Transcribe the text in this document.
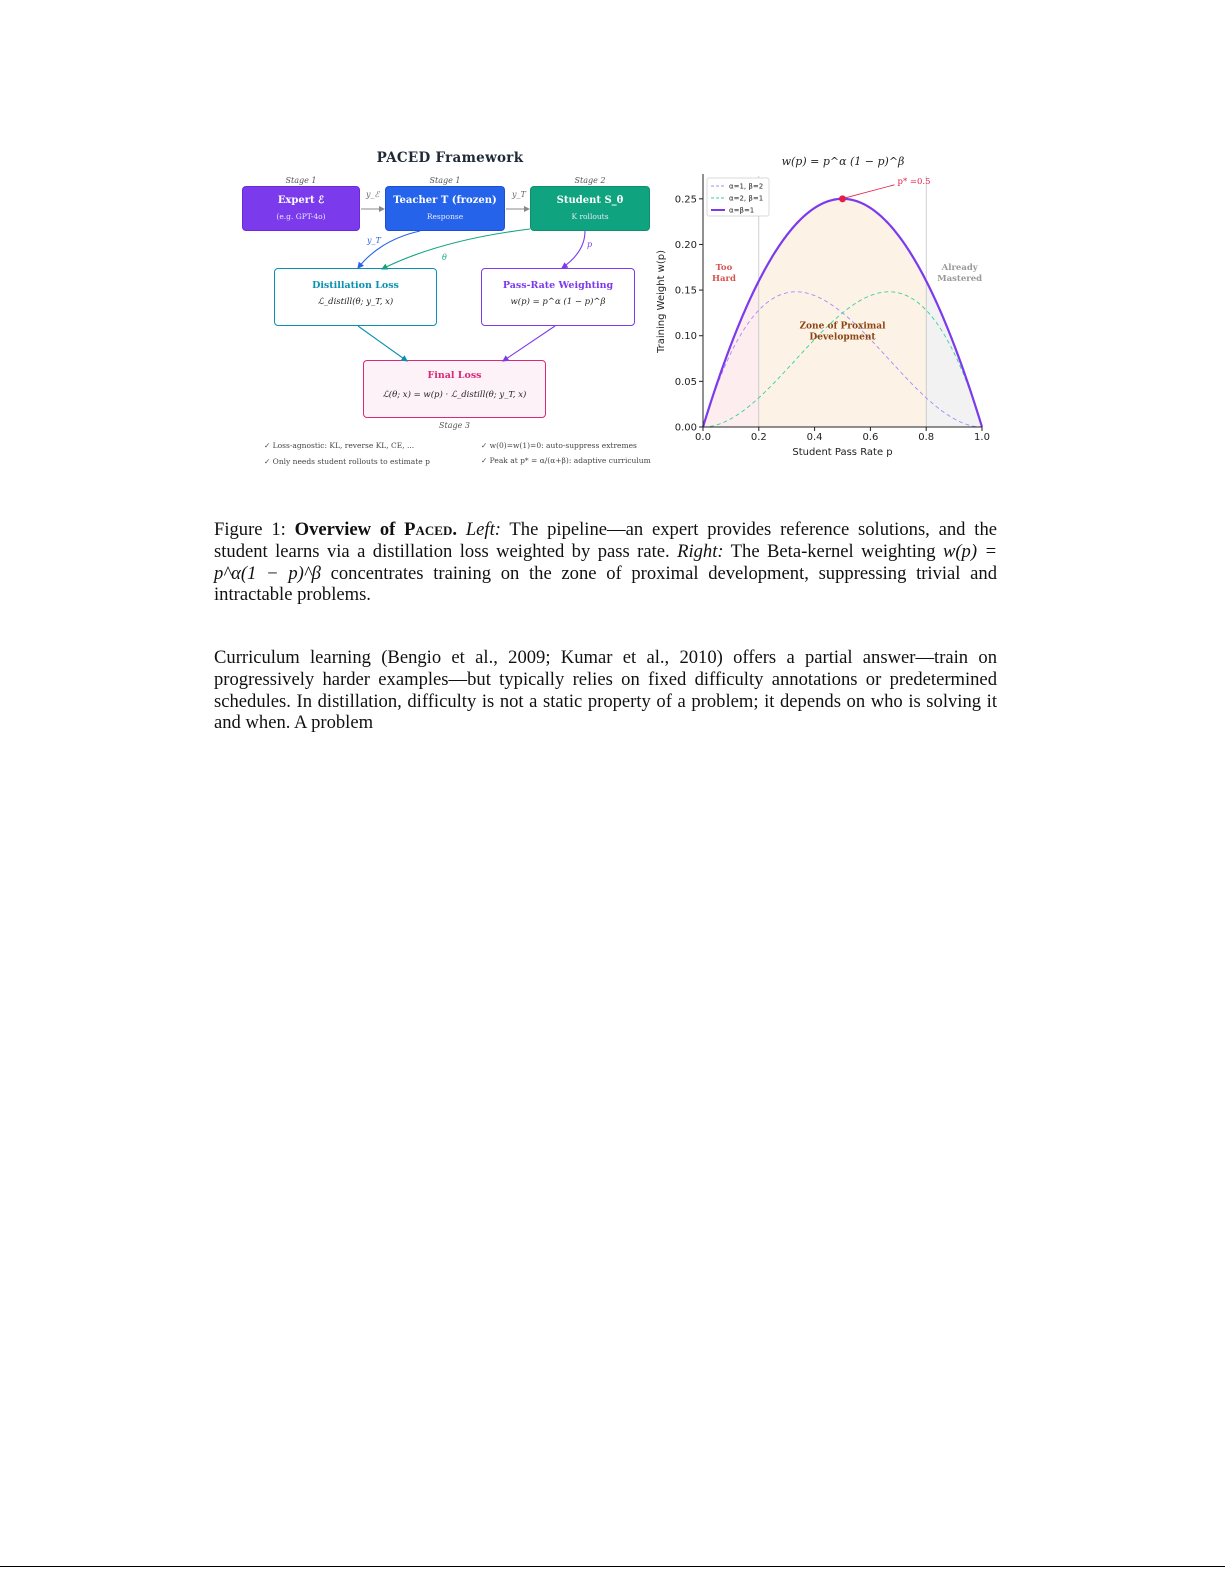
PACED Framework
Stage 1	Stage 1	Stage 2
Expert ℰ
(e.g. GPT-4o)
Teacher T (frozen)
Response
Student S_θ
K rollouts
Distillation Loss
ℒ_distill(θ; y_T, x)
Pass-Rate Weighting
w(p) = p^α (1 − p)^β
Final Loss
ℒ(θ; x) = w(p) · ℒ_distill(θ; y_T, x)
Stage 3
y_ℰ	y_T
y_T
θ
p
✓ Loss-agnostic: KL, reverse KL, CE, ...
✓ Only needs student rollouts to estimate p
✓ w(0)=w(1)=0: auto-suppress extremes
✓ Peak at p* = α/(α+β): adaptive curriculum
w(p) = p^α (1 − p)^β
0.0	0.2	0.4	0.6	0.8	1.0
0.00
0.05
0.10
0.15
0.20
0.25
Student Pass Rate p
Training Weight w(p)
p* =0.5
Too
Hard
Zone of Proximal
Development
Already
Mastered
α=1, β=2
α=2, β=1
α=β=1
Figure 1: Overview of Paced. Left: The pipeline—an expert provides reference solutions, and the student learns via a distillation loss weighted by pass rate. Right: The Beta-kernel weighting w(p) = p^α(1 − p)^β concentrates training on the zone of proximal development, suppressing trivial and intractable problems.
Curriculum learning (Bengio et al., 2009; Kumar et al., 2010) offers a partial answer—train on progressively harder examples—but typically relies on fixed difficulty annotations or predetermined schedules. In distillation, difficulty is not a static property of a problem; it depends on who is solving it and when. A problem
